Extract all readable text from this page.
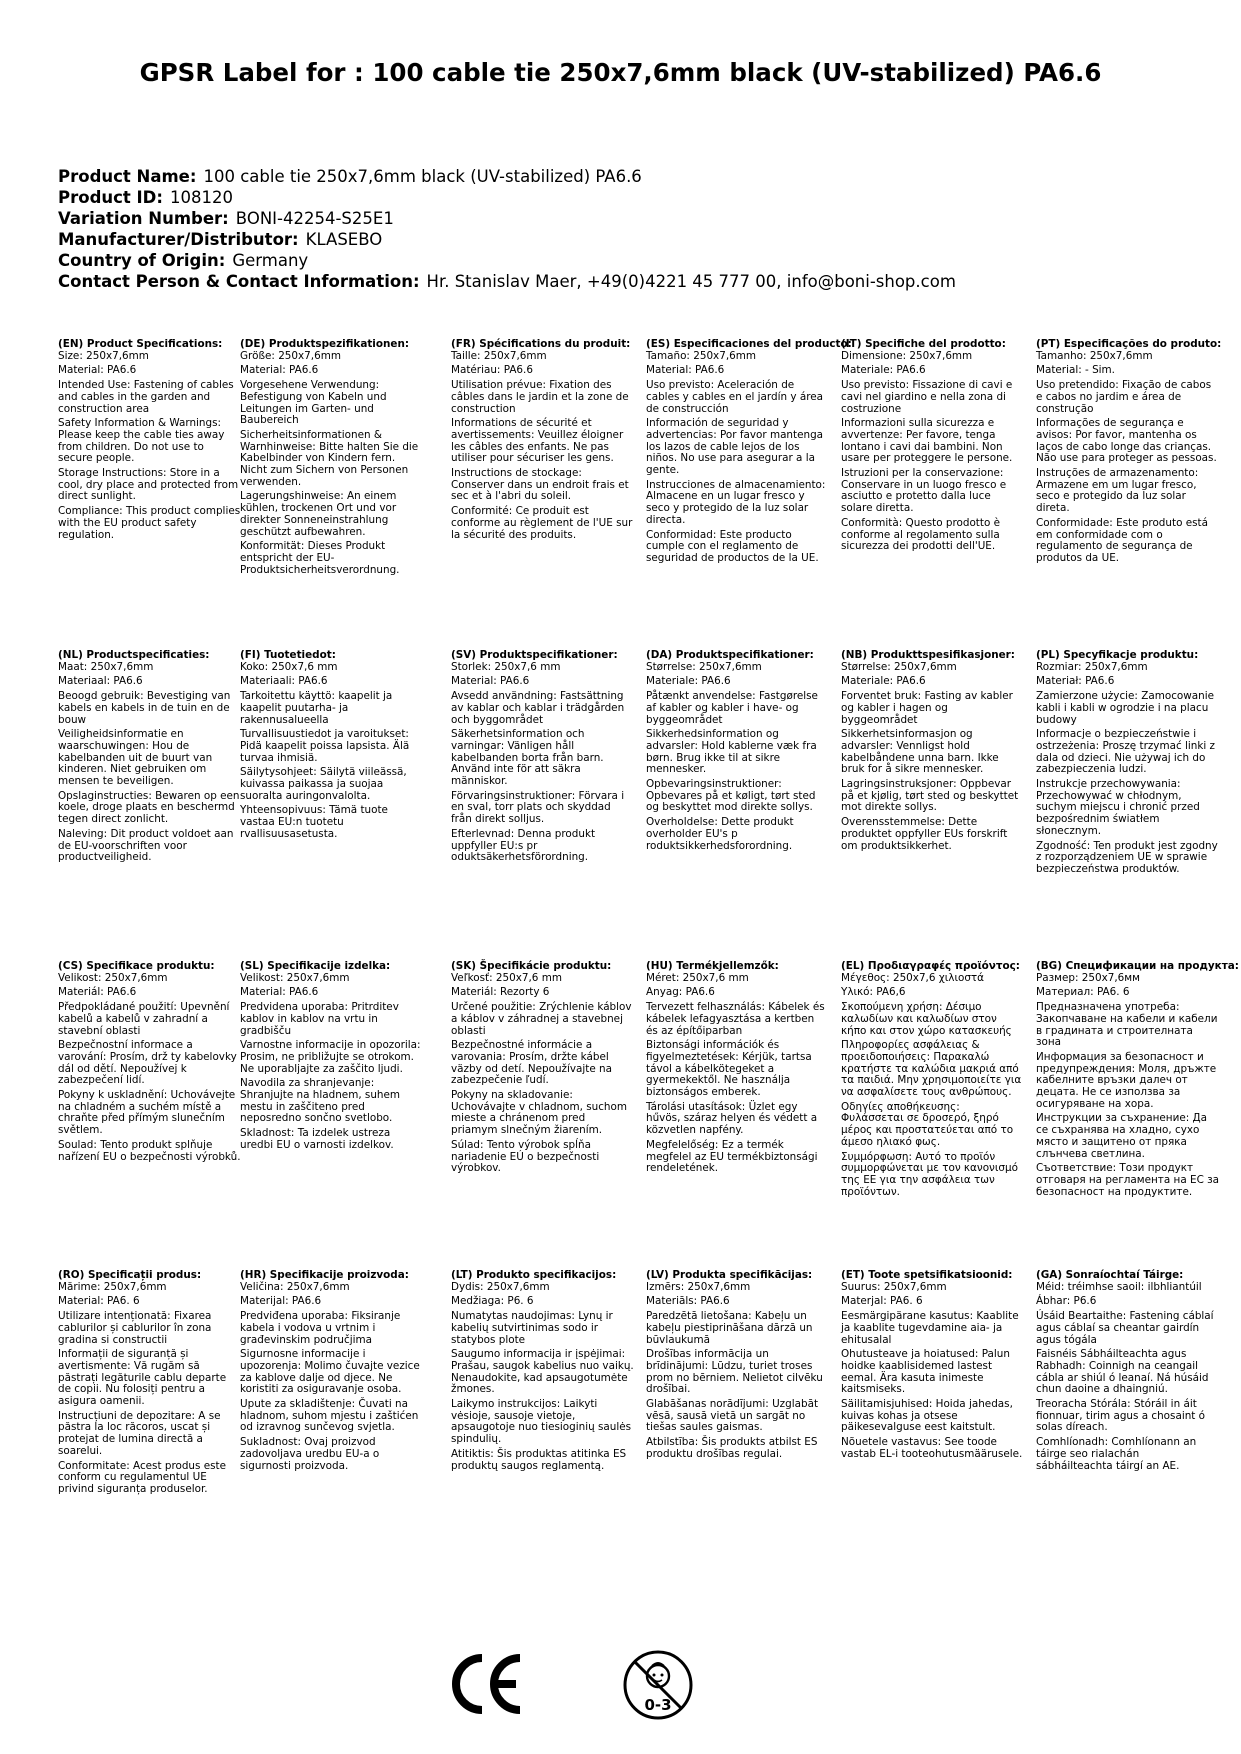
GPSR Label for : 100 cable tie 250x7,6mm black (UV-stabilized) PA6.6
Product Name: 100 cable tie 250x7,6mm black (UV-stabilized) PA6.6
Product ID: 108120
Variation Number: BONI-42254-S25E1
Manufacturer/Distributor: KLASEBO
Country of Origin: Germany
Contact Person & Contact Information: Hr. Stanislav Maer, +49(0)4221 45 777 00, info@boni-shop.com
(EN) Product Specifications:
Size: 250x7,6mm
Material: PA6.6
Intended Use: Fastening of cables and cables in the garden and construction area
Safety Information & Warnings: Please keep the cable ties away from children. Do not use to secure people.
Storage Instructions: Store in a cool, dry place and protected from direct sunlight.
Compliance: This product complies with the EU product safety regulation.
(DE) Produktspezifikationen:
Größe: 250x7,6mm
Material: PA6.6
Vorgesehene Verwendung: Befestigung von Kabeln und Leitungen im Garten- und Baubereich
Sicherheitsinformationen & Warnhinweise: Bitte halten Sie die Kabelbinder von Kindern fern. Nicht zum Sichern von Personen verwenden.
Lagerungshinweise: An einem kühlen, trockenen Ort und vor direkter Sonneneinstrahlung geschützt aufbewahren.
Konformität: Dieses Produkt entspricht der EU-Produktsicherheitsverordnung.
(FR) Spécifications du produit:
Taille: 250x7,6mm
Matériau: PA6.6
Utilisation prévue: Fixation des câbles dans le jardin et la zone de construction
Informations de sécurité et avertissements: Veuillez éloigner les câbles des enfants. Ne pas utiliser pour sécuriser les gens.
Instructions de stockage: Conserver dans un endroit frais et sec et à l'abri du soleil.
Conformité: Ce produit est conforme au règlement de l'UE sur la sécurité des produits.
(ES) Especificaciones del producto:
Tamaño: 250x7,6mm
Material: PA6.6
Uso previsto: Aceleración de cables y cables en el jardín y área de construcción
Información de seguridad y advertencias: Por favor mantenga los lazos de cable lejos de los niños. No use para asegurar a la gente.
Instrucciones de almacenamiento: Almacene en un lugar fresco y seco y protegido de la luz solar directa.
Conformidad: Este producto cumple con el reglamento de seguridad de productos de la UE.
(IT) Specifiche del prodotto:
Dimensione: 250x7,6mm
Materiale: PA6.6
Uso previsto: Fissazione di cavi e cavi nel giardino e nella zona di costruzione
Informazioni sulla sicurezza e avvertenze: Per favore, tenga lontano i cavi dai bambini. Non usare per proteggere le persone.
Istruzioni per la conservazione: Conservare in un luogo fresco e asciutto e protetto dalla luce solare diretta.
Conformità: Questo prodotto è conforme al regolamento sulla sicurezza dei prodotti dell'UE.
(PT) Especificações do produto:
Tamanho: 250x7,6mm
Material: - Sim.
Uso pretendido: Fixação de cabos e cabos no jardim e área de construção
Informações de segurança e avisos: Por favor, mantenha os laços de cabo longe das crianças. Não use para proteger as pessoas.
Instruções de armazenamento: Armazene em um lugar fresco, seco e protegido da luz solar direta.
Conformidade: Este produto está em conformidade com o regulamento de segurança de produtos da UE.
(NL) Productspecificaties:
Maat: 250x7,6mm
Materiaal: PA6.6
Beoogd gebruik: Bevestiging van kabels en kabels in de tuin en de bouw
Veiligheidsinformatie en waarschuwingen: Hou de kabelbanden uit de buurt van kinderen. Niet gebruiken om mensen te beveiligen.
Opslaginstructies: Bewaren op een koele, droge plaats en beschermd tegen direct zonlicht.
Naleving: Dit product voldoet aan de EU-voorschriften voor productveiligheid.
(FI) Tuotetiedot:
Koko: 250x7,6 mm
Materiaali: PA6.6
Tarkoitettu käyttö: kaapelit ja kaapelit puutarha- ja rakennusalueella
Turvallisuustiedot ja varoitukset: Pidä kaapelit poissa lapsista. Älä turvaa ihmisiä.
Säilytysohjeet: Säilytä viileässä, kuivassa paikassa ja suojaa suoralta auringonvalolta.
Yhteensopivuus: Tämä tuote vastaa EU:n tuotetu rvallisuusasetusta.
(SV) Produktspecifikationer:
Storlek: 250x7,6 mm
Material: PA6.6
Avsedd användning: Fastsättning av kablar och kablar i trädgården och byggområdet
Säkerhetsinformation och varningar: Vänligen håll kabelbanden borta från barn. Använd inte för att säkra människor.
Förvaringsinstruktioner: Förvara i en sval, torr plats och skyddad från direkt solljus.
Efterlevnad: Denna produkt uppfyller EU:s pr oduktsäkerhetsförordning.
(DA) Produktspecifikationer:
Størrelse: 250x7,6mm
Materiale: PA6.6
Påtænkt anvendelse: Fastgørelse af kabler og kabler i have- og byggeområdet
Sikkerhedsinformation og advarsler: Hold kablerne væk fra børn. Brug ikke til at sikre mennesker.
Opbevaringsinstruktioner: Opbevares på et køligt, tørt sted og beskyttet mod direkte sollys.
Overholdelse: Dette produkt overholder EU's p roduktsikkerhedsforordning.
(NB) Produkttspesifikasjoner:
Størrelse: 250x7,6mm
Materiale: PA6.6
Forventet bruk: Fasting av kabler og kabler i hagen og byggeområdet
Sikkerhetsinformasjon og advarsler: Vennligst hold kabelbåndene unna barn. Ikke bruk for å sikre mennesker.
Lagringsinstruksjoner: Oppbevar på et kjølig, tørt sted og beskyttet mot direkte sollys.
Overensstemmelse: Dette produktet oppfyller EUs forskrift om produktsikkerhet.
(PL) Specyfikacje produktu:
Rozmiar: 250x7,6mm
Materiał: PA6.6
Zamierzone użycie: Zamocowanie kabli i kabli w ogrodzie i na placu budowy
Informacje o bezpieczeństwie i ostrzeżenia: Proszę trzymać linki z dala od dzieci. Nie używaj ich do zabezpieczenia ludzi.
Instrukcje przechowywania: Przechowywać w chłodnym, suchym miejscu i chronić przed bezpośrednim światłem słonecznym.
Zgodność: Ten produkt jest zgodny z rozporządzeniem UE w sprawie bezpieczeństwa produktów.
(CS) Specifikace produktu:
Velikost: 250x7,6mm
Materiál: PA6.6
Předpokládané použití: Upevnění kabelů a kabelů v zahradní a stavební oblasti
Bezpečnostní informace a varování: Prosím, drž ty kabelovky dál od dětí. Nepoužívej k zabezpečení lidí.
Pokyny k uskladnění: Uchovávejte na chladném a suchém místě a chraňte před přímým slunečním světlem.
Soulad: Tento produkt splňuje nařízení EU o bezpečnosti výrobků.
(SL) Specifikacije izdelka:
Velikost: 250x7,6mm
Material: PA6.6
Predvidena uporaba: Pritrditev kablov in kablov na vrtu in gradbišču
Varnostne informacije in opozorila: Prosim, ne približujte se otrokom. Ne uporabljajte za zaščito ljudi.
Navodila za shranjevanje: Shranjujte na hladnem, suhem mestu in zaščiteno pred neposredno sončno svetlobo.
Skladnost: Ta izdelek ustreza uredbi EU o varnosti izdelkov.
(SK) Špecifikácie produktu:
Veľkosť: 250x7,6 mm
Materiál: Rezorty 6
Určené použitie: Zrýchlenie káblov a káblov v záhradnej a stavebnej oblasti
Bezpečnostné informácie a varovania: Prosím, držte kábel väzby od detí. Nepoužívajte na zabezpečenie ľudí.
Pokyny na skladovanie: Uchovávajte v chladnom, suchom mieste a chránenom pred priamym slnečným žiarením.
Súlad: Tento výrobok spĺňa nariadenie EÚ o bezpečnosti výrobkov.
(HU) Termékjellemzők:
Méret: 250x7,6 mm
Anyag: PA6.6
Tervezett felhasználás: Kábelek és kábelek lefagyasztása a kertben és az építőiparban
Biztonsági információk és figyelmeztetések: Kérjük, tartsa távol a kábelkötegeket a gyermekektől. Ne használja biztonságos emberek.
Tárolási utasítások: Üzlet egy hűvös, száraz helyen és védett a közvetlen napfény.
Megfelelőség: Ez a termék megfelel az EU termékbiztonsági rendeletének.
(EL) Προδιαγραφές προϊόντος:
Μέγεθος: 250x7,6 χιλιοστά
Υλικό: PA6,6
Σκοπούμενη χρήση: Δέσιμο καλωδίων και καλωδίων στον κήπο και στον χώρο κατασκευής
Πληροφορίες ασφάλειας & προειδοποιήσεις: Παρακαλώ κρατήστε τα καλώδια μακριά από τα παιδιά. Μην χρησιμοποιείτε για να ασφαλίσετε τους ανθρώπους.
Οδηγίες αποθήκευσης: Φυλάσσεται σε δροσερό, ξηρό μέρος και προστατεύεται από το άμεσο ηλιακό φως.
Συμμόρφωση: Αυτό το προϊόν συμμορφώνεται με τον κανονισμό της ΕΕ για την ασφάλεια των προϊόντων.
(BG) Спецификации на продукта:
Размер: 250x7,6мм
Материал: PA6. 6
Предназначена употреба: Закопчаване на кабели и кабели в градината и строителната зона
Информация за безопасност и предупреждения: Моля, дръжте кабелните връзки далеч от децата. Не се използва за осигуряване на хора.
Инструкции за съхранение: Да се съхранява на хладно, сухо място и защитено от пряка слънчева светлина.
Съответствие: Този продукт отговаря на регламента на ЕС за безопасност на продуктите.
(RO) Specificații produs:
Mărime: 250x7,6mm
Material: PA6. 6
Utilizare intenționată: Fixarea cablurilor și cablurilor în zona gradina si constructii
Informații de siguranță și avertismente: Vă rugăm să păstrați legăturile cablu departe de copii. Nu folosiți pentru a asigura oamenii.
Instrucțiuni de depozitare: A se păstra la loc răcoros, uscat și protejat de lumina directă a soarelui.
Conformitate: Acest produs este conform cu regulamentul UE privind siguranța produselor.
(HR) Specifikacije proizvoda:
Veličina: 250x7,6mm
Materijal: PA6.6
Predviđena uporaba: Fiksiranje kabela i vodova u vrtnim i građevinskim područjima
Sigurnosne informacije i upozorenja: Molimo čuvajte vezice za kablove dalje od djece. Ne koristiti za osiguravanje osoba.
Upute za skladištenje: Čuvati na hladnom, suhom mjestu i zaštićen od izravnog sunčevog svjetla.
Sukladnost: Ovaj proizvod zadovoljava uredbu EU-a o sigurnosti proizvoda.
(LT) Produkto specifikacijos:
Dydis: 250x7,6mm
Medžiaga: P6. 6
Numatytas naudojimas: Lynų ir kabelių sutvirtinimas sodo ir statybos plote
Saugumo informacija ir įspėjimai: Prašau, saugok kabelius nuo vaikų. Nenaudokite, kad apsaugotumėte žmones.
Laikymo instrukcijos: Laikyti vėsioje, sausoje vietoje, apsaugotoje nuo tiesioginių saulės spindulių.
Atitiktis: Šis produktas atitinka ES produktų saugos reglamentą.
(LV) Produkta specifikācijas:
Izmērs: 250x7,6mm
Materiāls: PA6.6
Paredzētā lietošana: Kabeļu un kabeļu piestiprināšana dārzā un būvlaukumā
Drošības informācija un brīdinājumi: Lūdzu, turiet troses prom no bērniem. Nelietot cilvēku drošībai.
Glabāšanas norādījumi: Uzglabāt vēsā, sausā vietā un sargāt no tiešas saules gaismas.
Atbilstība: Šis produkts atbilst ES produktu drošības regulai.
(ET) Toote spetsifikatsioonid:
Suurus: 250x7,6mm
Materjal: PA6. 6
Eesmärgipärane kasutus: Kaablite ja kaablite tugevdamine aia- ja ehitusalal
Ohutusteave ja hoiatused: Palun hoidke kaablisidemed lastest eemal. Ära kasuta inimeste kaitsmiseks.
Säilitamisjuhised: Hoida jahedas, kuivas kohas ja otsese päikesevalguse eest kaitstult.
Nõuetele vastavus: See toode vastab EL-i tooteohutusmäärusele.
(GA) Sonraíochtaí Táirge:
Méid: tréimhse saoil: ilbhliantúil
Ábhar: P6.6
Úsáid Beartaithe: Fastening cáblaí agus cáblaí sa cheantar gairdín agus tógála
Faisnéis Sábháilteachta agus Rabhadh: Coinnigh na ceangail cábla ar shiúl ó leanaí. Ná húsáid chun daoine a dhaingniú.
Treoracha Stórála: Stóráil in áit fionnuar, tirim agus a chosaint ó solas díreach.
Comhlíonadh: Comhlíonann an táirge seo rialachán sábháilteachta táirgí an AE.
0-3
